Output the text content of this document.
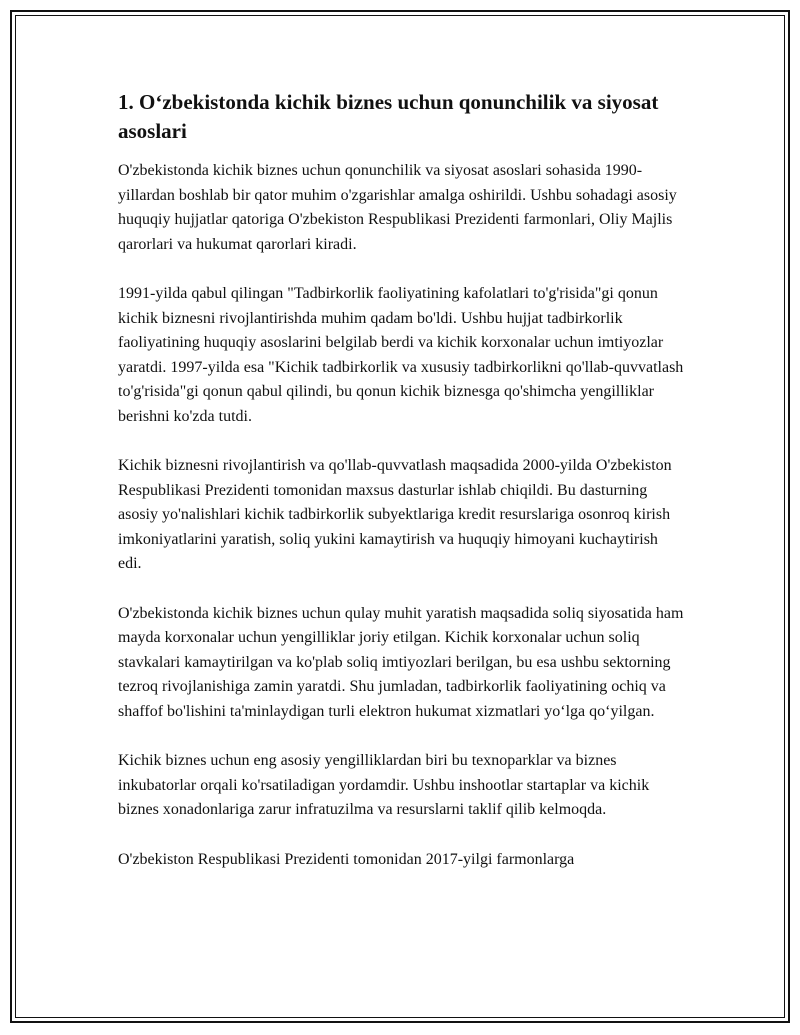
1. O‘zbekistonda kichik biznes uchun qonunchilik va siyosat asoslari

O'zbekistonda kichik biznes uchun qonunchilik va siyosat asoslari sohasida 1990-yillardan boshlab bir qator muhim o'zgarishlar amalga oshirildi. Ushbu sohadagi asosiy huquqiy hujjatlar qatoriga O'zbekiston Respublikasi Prezidenti farmonlari, Oliy Majlis qarorlari va hukumat qarorlari kiradi.

1991-yilda qabul qilingan "Tadbirkorlik faoliyatining kafolatlari to'g'risida"gi qonun kichik biznesni rivojlantirishda muhim qadam bo'ldi. Ushbu hujjat tadbirkorlik faoliyatining huquqiy asoslarini belgilab berdi va kichik korxonalar uchun imtiyozlar yaratdi. 1997-yilda esa "Kichik tadbirkorlik va xususiy tadbirkorlikni qo'llab-quvvatlash to'g'risida"gi qonun qabul qilindi, bu qonun kichik biznesga qo'shimcha yengilliklar berishni ko'zda tutdi.

Kichik biznesni rivojlantirish va qo'llab-quvvatlash maqsadida 2000-yilda O'zbekiston Respublikasi Prezidenti tomonidan maxsus dasturlar ishlab chiqildi. Bu dasturning asosiy yo'nalishlari kichik tadbirkorlik subyektlariga kredit resurslariga osonroq kirish imkoniyatlarini yaratish, soliq yukini kamaytirish va huquqiy himoyani kuchaytirish edi.

O'zbekistonda kichik biznes uchun qulay muhit yaratish maqsadida soliq siyosatida ham mayda korxonalar uchun yengilliklar joriy etilgan. Kichik korxonalar uchun soliq stavkalari kamaytirilgan va ko'plab soliq imtiyozlari berilgan, bu esa ushbu sektorning tezroq rivojlanishiga zamin yaratdi. Shu jumladan, tadbirkorlik faoliyatining ochiq va shaffof bo'lishini ta'minlaydigan turli elektron hukumat xizmatlari yo‘lga qo‘yilgan.

Kichik biznes uchun eng asosiy yengilliklardan biri bu texnoparklar va biznes inkubatorlar orqali ko'rsatiladigan yordamdir. Ushbu inshootlar startaplar va kichik biznes xonadonlariga zarur infratuzilma va resurslarni taklif qilib kelmoqda.

O'zbekiston Respublikasi Prezidenti tomonidan 2017-yilgi farmonlarga
